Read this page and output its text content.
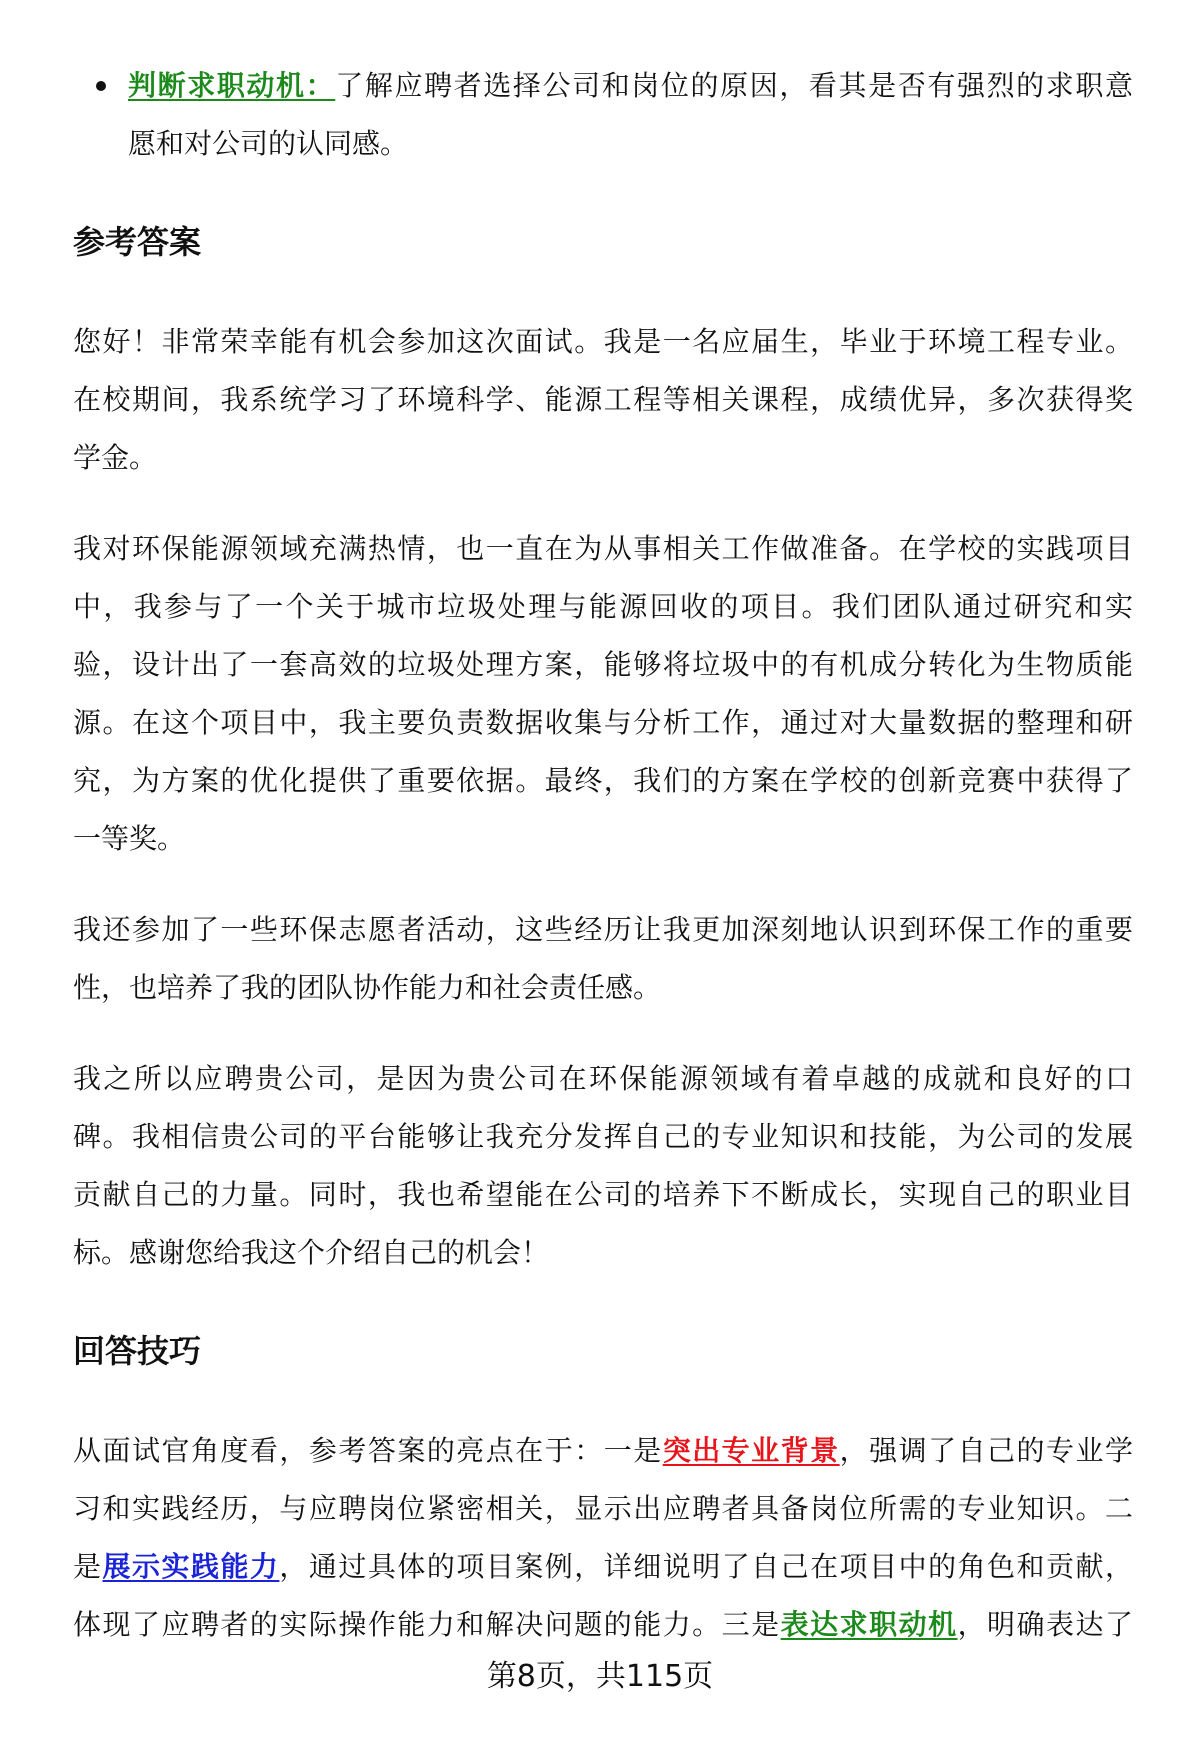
判断求职动机：了解应聘者选择公司和岗位的原因，看其是否有强烈的求职意
愿和对公司的认同感。
参考答案
您好！非常荣幸能有机会参加这次面试。我是一名应届生，毕业于环境工程专业。
在校期间，我系统学习了环境科学、能源工程等相关课程，成绩优异，多次获得奖
学金。
我对环保能源领域充满热情，也一直在为从事相关工作做准备。在学校的实践项目
中，我参与了一个关于城市垃圾处理与能源回收的项目。我们团队通过研究和实
验，设计出了一套高效的垃圾处理方案，能够将垃圾中的有机成分转化为生物质能
源。在这个项目中，我主要负责数据收集与分析工作，通过对大量数据的整理和研
究，为方案的优化提供了重要依据。最终，我们的方案在学校的创新竞赛中获得了
一等奖。
我还参加了一些环保志愿者活动，这些经历让我更加深刻地认识到环保工作的重要
性，也培养了我的团队协作能力和社会责任感。
我之所以应聘贵公司，是因为贵公司在环保能源领域有着卓越的成就和良好的口
碑。我相信贵公司的平台能够让我充分发挥自己的专业知识和技能，为公司的发展
贡献自己的力量。同时，我也希望能在公司的培养下不断成长，实现自己的职业目
标。感谢您给我这个介绍自己的机会！
回答技巧
从面试官角度看，参考答案的亮点在于：一是突出专业背景，强调了自己的专业学
习和实践经历，与应聘岗位紧密相关，显示出应聘者具备岗位所需的专业知识。二
是展示实践能力，通过具体的项目案例，详细说明了自己在项目中的角色和贡献，
体现了应聘者的实际操作能力和解决问题的能力。三是表达求职动机，明确表达了
第8页，共115页
